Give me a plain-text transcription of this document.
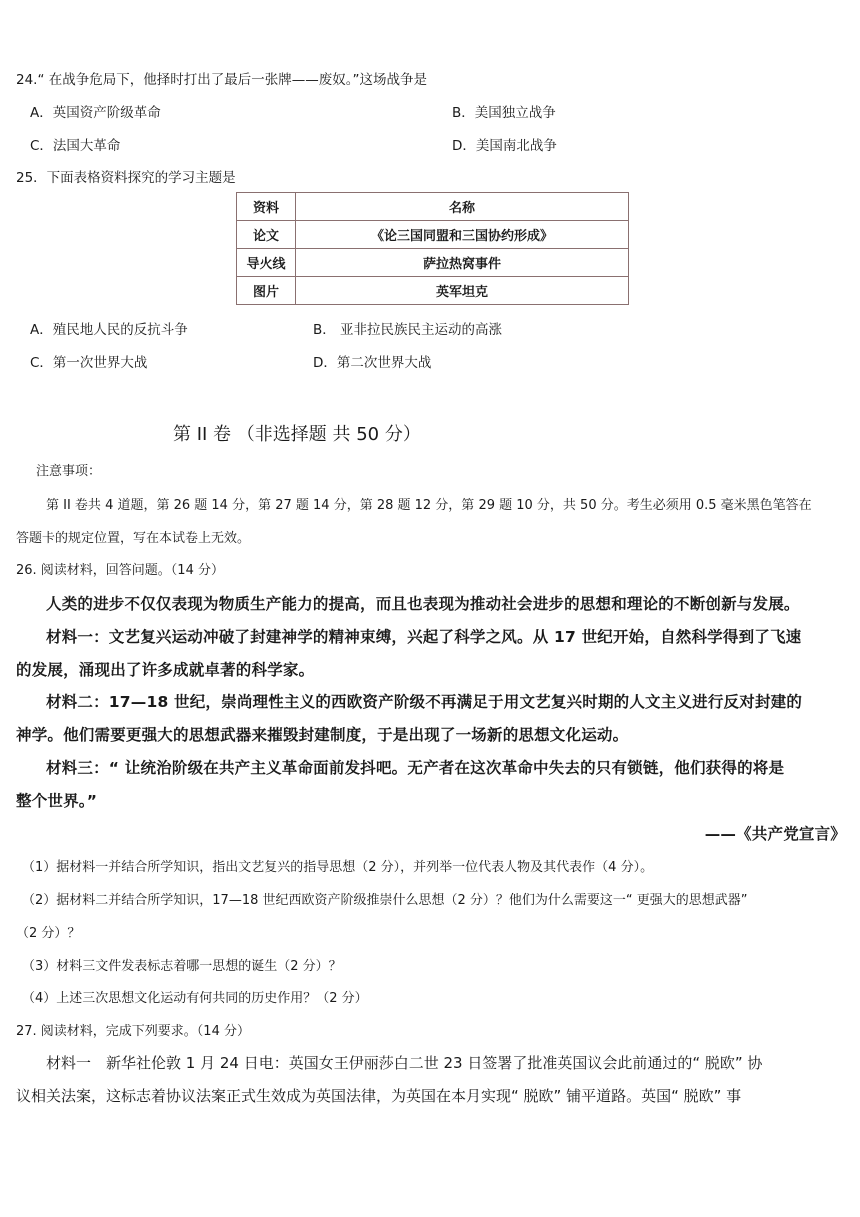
24.“ 在战争危局下，他择时打出了最后一张牌——废奴。”这场战争是
A．英国资产阶级革命	B．美国独立战争
C．法国大革命	D．美国南北战争
25．下面表格资料探究的学习主题是
资料	名称
论文	《论三国同盟和三国协约形成》
导火线	萨拉热窝事件
图片	英军坦克
A．殖民地人民的反抗斗争	B． 亚非拉民族民主运动的高涨
C．第一次世界大战	D．第二次世界大战
第 II 卷 （非选择题 共 50 分）
注意事项：
第 II 卷共 4 道题，第 26 题 14 分，第 27 题 14 分，第 28 题 12 分，第 29 题 10 分，共 50 分。考生必须用 0.5 毫米黑色笔答在
答题卡的规定位置，写在本试卷上无效。
26. 阅读材料，回答问题。（14 分）
人类的进步不仅仅表现为物质生产能力的提高，而且也表现为推动社会进步的思想和理论的不断创新与发展。
材料一：文艺复兴运动冲破了封建神学的精神束缚，兴起了科学之风。从 17 世纪开始，自然科学得到了飞速
的发展，涌现出了许多成就卓著的科学家。
材料二：17—18 世纪，崇尚理性主义的西欧资产阶级不再满足于用文艺复兴时期的人文主义进行反对封建的
神学。他们需要更强大的思想武器来摧毁封建制度，于是出现了一场新的思想文化运动。
材料三：“ 让统治阶级在共产主义革命面前发抖吧。无产者在这次革命中失去的只有锁链，他们获得的将是
整个世界。”
——《共产党宣言》
（1）据材料一并结合所学知识，指出文艺复兴的指导思想（2 分），并列举一位代表人物及其代表作（4 分）。
（2）据材料二并结合所学知识，17—18 世纪西欧资产阶级推崇什么思想（2 分）？他们为什么需要这一“ 更强大的思想武器”
（2 分）？
（3）材料三文件发表标志着哪一思想的诞生（2 分）？
（4）上述三次思想文化运动有何共同的历史作用？（2 分）
27. 阅读材料，完成下列要求。（14 分）
材料一　新华社伦敦 1 月 24 日电：英国女王伊丽莎白二世 23 日签署了批准英国议会此前通过的“ 脱欧” 协
议相关法案，这标志着协议法案正式生效成为英国法律，为英国在本月实现“ 脱欧” 铺平道路。英国“ 脱欧” 事
